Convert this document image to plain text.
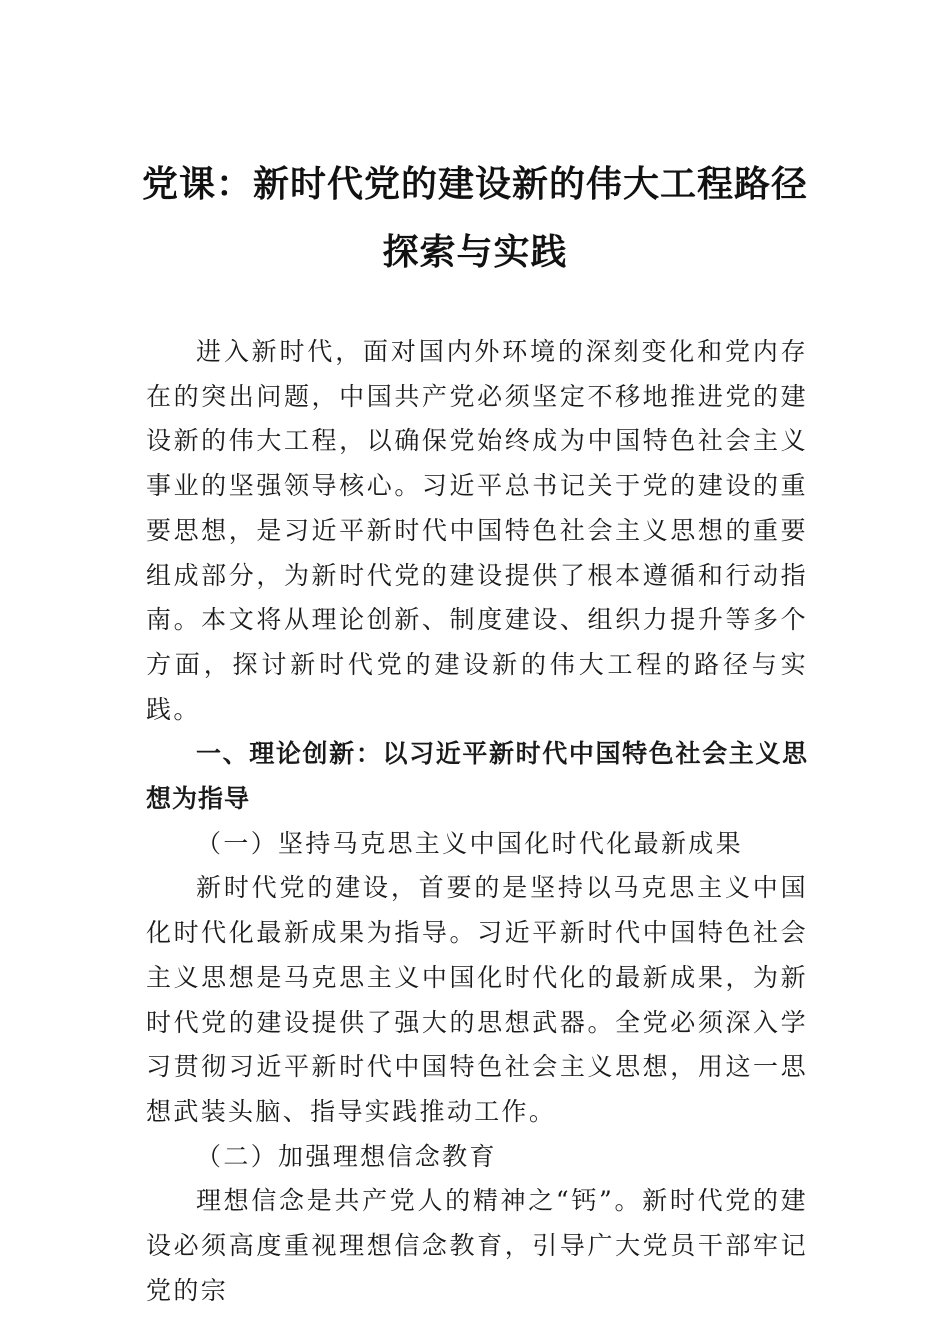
党课：新时代党的建设新的伟大工程路径
探索与实践

进入新时代，面对国内外环境的深刻变化和党内存在的突出问题，中国共产党必须坚定不移地推进党的建设新的伟大工程，以确保党始终成为中国特色社会主义事业的坚强领导核心。习近平总书记关于党的建设的重要思想，是习近平新时代中国特色社会主义思想的重要组成部分，为新时代党的建设提供了根本遵循和行动指南。本文将从理论创新、制度建设、组织力提升等多个方面，探讨新时代党的建设新的伟大工程的路径与实践。

一、理论创新：以习近平新时代中国特色社会主义思想为指导

（一）坚持马克思主义中国化时代化最新成果

新时代党的建设，首要的是坚持以马克思主义中国化时代化最新成果为指导。习近平新时代中国特色社会主义思想是马克思主义中国化时代化的最新成果，为新时代党的建设提供了强大的思想武器。全党必须深入学习贯彻习近平新时代中国特色社会主义思想，用这一思想武装头脑、指导实践推动工作。

（二）加强理想信念教育

理想信念是共产党人的精神之“钙”。新时代党的建设必须高度重视理想信念教育，引导广大党员干部牢记党的宗
